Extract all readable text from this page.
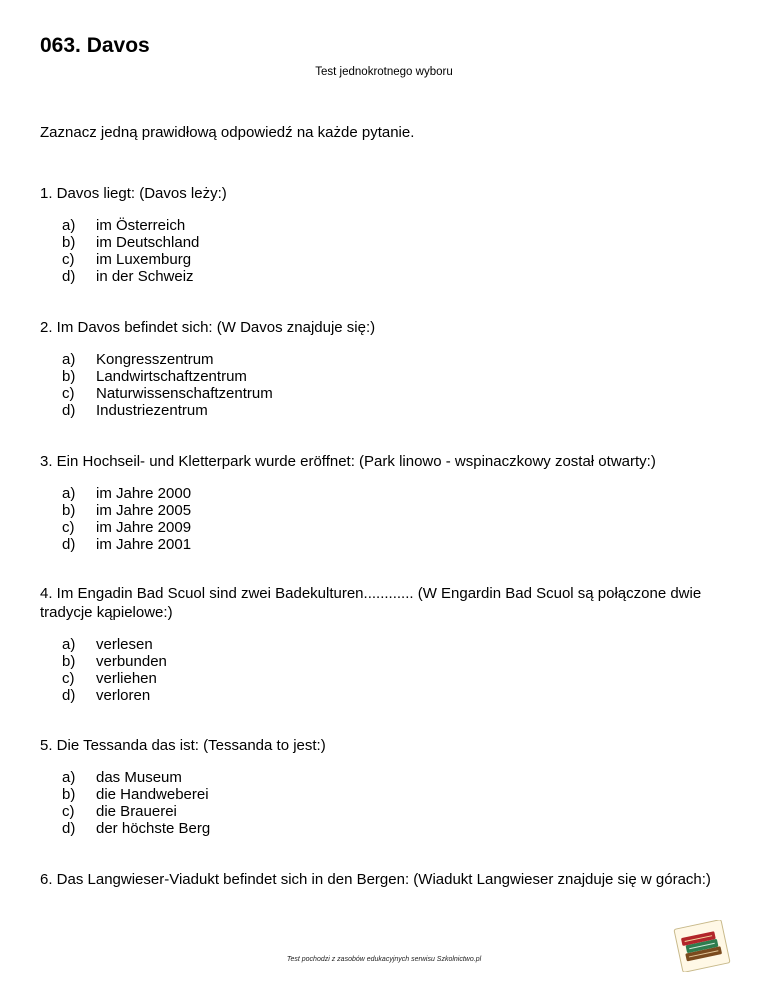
063. Davos
Test jednokrotnego wyboru
Zaznacz jedną prawidłową odpowiedź na każde pytanie.

1. Davos liegt: (Davos leży:)

a)	im Österreich
b)	im Deutschland
c)	im Luxemburg
d)	in der Schweiz

2. Im Davos befindet sich: (W Davos znajduje się:)

a)	Kongresszentrum
b)	Landwirtschaftzentrum
c)	Naturwissenschaftzentrum
d)	Industriezentrum

3. Ein Hochseil- und Kletterpark wurde eröffnet: (Park linowo - wspinaczkowy został otwarty:)

a)	im Jahre 2000
b)	im Jahre 2005
c)	im Jahre 2009
d)	im Jahre 2001

4. Im Engadin Bad Scuol sind zwei Badekulturen............ (W Engardin Bad Scuol są połączone dwie tradycje kąpielowe:)

a)	verlesen
b)	verbunden
c)	verliehen
d)	verloren

5. Die Tessanda das ist: (Tessanda to jest:)

a)	das Museum
b)	die Handweberei
c)	die Brauerei
d)	der höchste Berg

6. Das Langwieser-Viadukt befindet sich in den Bergen: (Wiadukt Langwieser znajduje się w górach:)

Test pochodzi z zasobów edukacyjnych serwisu Szkolnictwo.pl
